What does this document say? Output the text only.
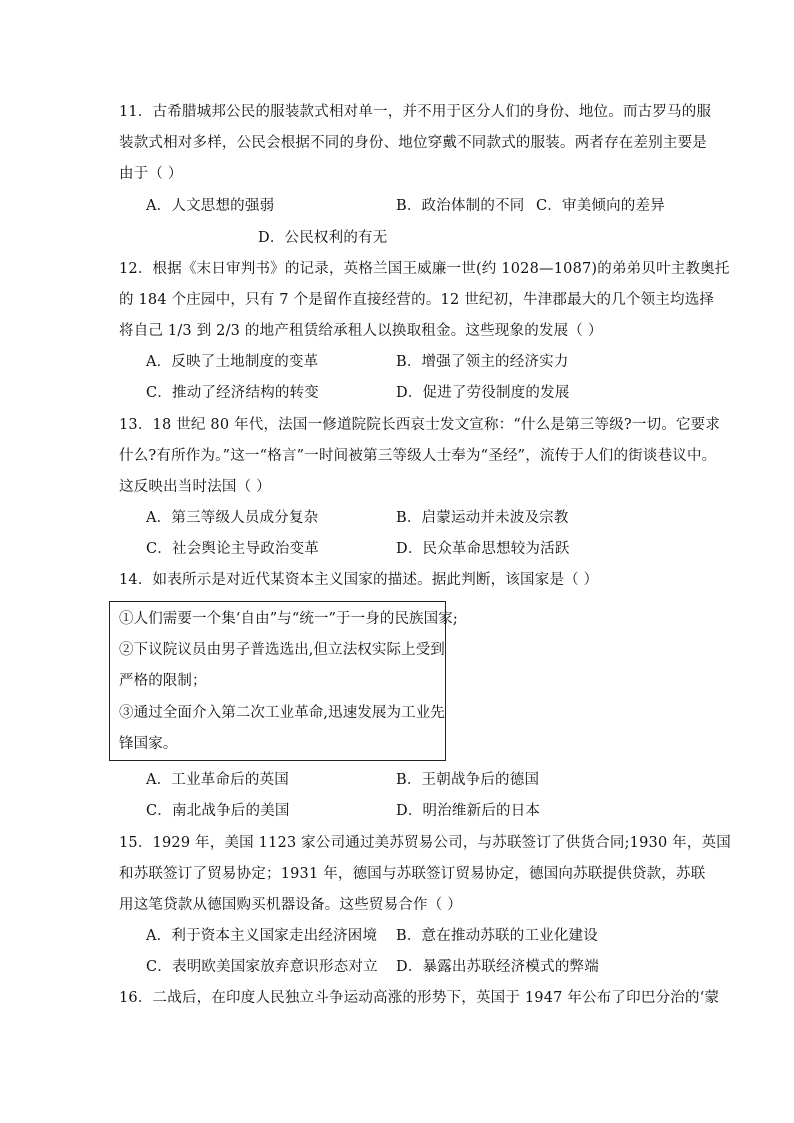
11．古希腊城邦公民的服装款式相对单一，并不用于区分人们的身份、地位。而古罗马的服
装款式相对多样，公民会根据不同的身份、地位穿戴不同款式的服装。两者存在差别主要是
由于（ ）
A．人文思想的强弱	B．政治体制的不同 C．审美倾向的差异
D．公民权利的有无
12．根据《末日审判书》的记录，英格兰国王威廉一世(约 1028—1087)的弟弟贝叶主教奥托
的 184 个庄园中，只有 7 个是留作直接经营的。12 世纪初，牛津郡最大的几个领主均选择
将自己 1/3 到 2/3 的地产租赁给承租人以换取租金。这些现象的发展（ ）
A．反映了土地制度的变革	B．增强了领主的经济实力
C．推动了经济结构的转变	D．促进了劳役制度的发展
13．18 世纪 80 年代，法国一修道院院长西哀士发文宣称：“什么是第三等级?一切。它要求
什么?有所作为。”这一“格言”一时间被第三等级人士奉为“圣经”，流传于人们的街谈巷议中。
这反映出当时法国（ ）
A．第三等级人员成分复杂	B．启蒙运动并未波及宗教
C．社会舆论主导政治变革	D．民众革命思想较为活跃
14．如表所示是对近代某资本主义国家的描述。据此判断，该国家是（ ）
①人们需要一个集‘自由”与“统一”于一身的民族国家;
②下议院议员由男子普选选出,但立法权实际上受到
严格的限制；
③通过全面介入第二次工业革命,迅速发展为工业先
锋国家。
A．工业革命后的英国	B．王朝战争后的德国
C．南北战争后的美国	D．明治维新后的日本
15．1929 年，美国 1123 家公司通过美苏贸易公司，与苏联签订了供货合同;1930 年，英国
和苏联签订了贸易协定；1931 年，德国与苏联签订贸易协定，德国向苏联提供贷款，苏联
用这笔贷款从德国购买机器设备。这些贸易合作（ ）
A．利于资本主义国家走出经济困境 B．意在推动苏联的工业化建设
C．表明欧美国家放弃意识形态对立 D．暴露出苏联经济模式的弊端
16．二战后，在印度人民独立斗争运动高涨的形势下，英国于 1947 年公布了印巴分治的‘蒙
